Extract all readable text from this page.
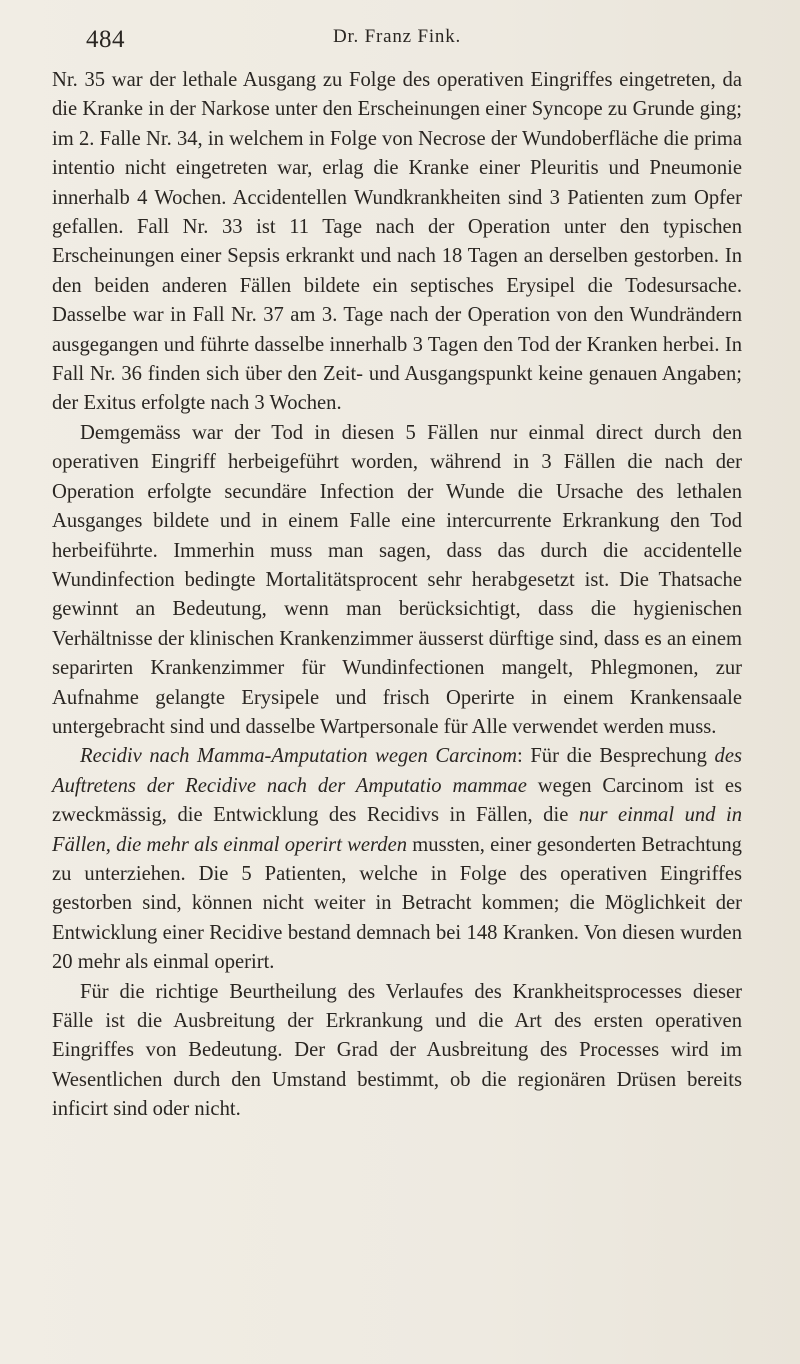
484	Dr. Franz Fink.

Nr. 35 war der lethale Ausgang zu Folge des operativen Eingriffes eingetreten, da die Kranke in der Narkose unter den Erscheinungen einer Syncope zu Grunde ging; im 2. Falle Nr. 34, in welchem in Folge von Necrose der Wundoberfläche die prima intentio nicht eingetreten war, erlag die Kranke einer Pleuritis und Pneumonie innerhalb 4 Wochen. Accidentellen Wundkrankheiten sind 3 Patienten zum Opfer gefallen. Fall Nr. 33 ist 11 Tage nach der Operation unter den typischen Erscheinungen einer Sepsis erkrankt und nach 18 Tagen an derselben gestorben. In den beiden anderen Fällen bildete ein septisches Erysipel die Todesursache. Dasselbe war in Fall Nr. 37 am 3. Tage nach der Operation von den Wundrändern ausgegangen und führte dasselbe innerhalb 3 Tagen den Tod der Kranken herbei. In Fall Nr. 36 finden sich über den Zeit- und Ausgangspunkt keine genauen Angaben; der Exitus erfolgte nach 3 Wochen.

Demgemäss war der Tod in diesen 5 Fällen nur einmal direct durch den operativen Eingriff herbeigeführt worden, während in 3 Fällen die nach der Operation erfolgte secundäre Infection der Wunde die Ursache des lethalen Ausganges bildete und in einem Falle eine intercurrente Erkrankung den Tod herbeiführte. Immerhin muss man sagen, dass das durch die accidentelle Wundinfection bedingte Mortalitätsprocent sehr herabgesetzt ist. Die Thatsache gewinnt an Bedeutung, wenn man berücksichtigt, dass die hygienischen Verhältnisse der klinischen Krankenzimmer äusserst dürftige sind, dass es an einem separirten Krankenzimmer für Wundinfectionen mangelt, Phlegmonen, zur Aufnahme gelangte Erysipele und frisch Operirte in einem Krankensaale untergebracht sind und dasselbe Wartpersonale für Alle verwendet werden muss.

Recidiv nach Mamma-Amputation wegen Carcinom: Für die Besprechung des Auftretens der Recidive nach der Amputatio mammae wegen Carcinom ist es zweckmässig, die Entwicklung des Recidivs in Fällen, die nur einmal und in Fällen, die mehr als einmal operirt werden mussten, einer gesonderten Betrachtung zu unterziehen. Die 5 Patienten, welche in Folge des operativen Eingriffes gestorben sind, können nicht weiter in Betracht kommen; die Möglichkeit der Entwicklung einer Recidive bestand demnach bei 148 Kranken. Von diesen wurden 20 mehr als einmal operirt.

Für die richtige Beurtheilung des Verlaufes des Krankheitsprocesses dieser Fälle ist die Ausbreitung der Erkrankung und die Art des ersten operativen Eingriffes von Bedeutung. Der Grad der Ausbreitung des Processes wird im Wesentlichen durch den Umstand bestimmt, ob die regionären Drüsen bereits inficirt sind oder nicht.
